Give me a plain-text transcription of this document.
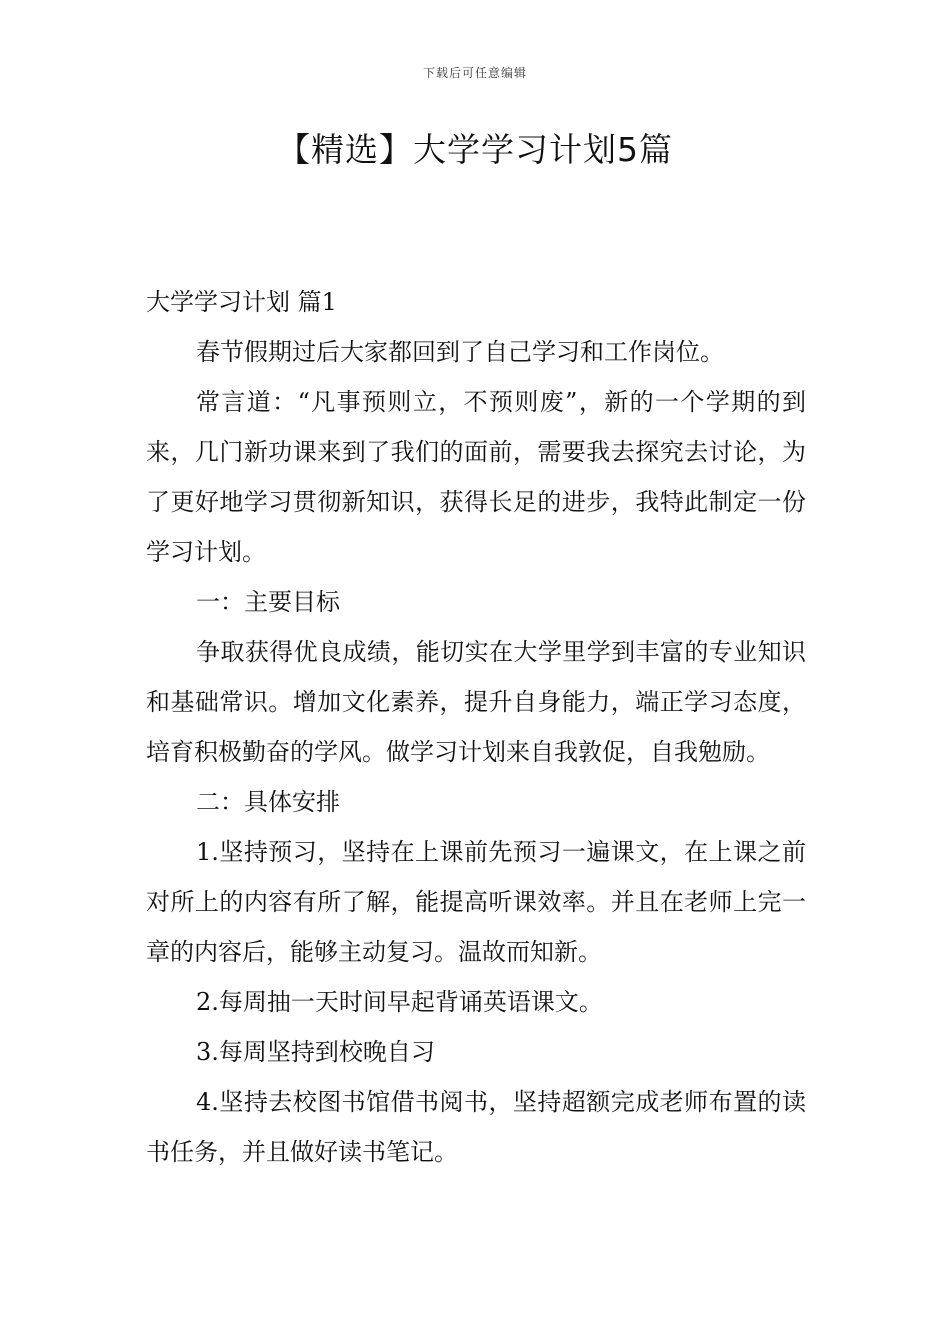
下载后可任意编辑
【精选】大学学习计划5篇

大学学习计划 篇1

春节假期过后大家都回到了自己学习和工作岗位。

常言道：“凡事预则立，不预则废”，新的一个学期的到来，几门新功课来到了我们的面前，需要我去探究去讨论，为了更好地学习贯彻新知识，获得长足的进步，我特此制定一份学习计划。

一：主要目标

争取获得优良成绩，能切实在大学里学到丰富的专业知识和基础常识。增加文化素养，提升自身能力，端正学习态度，培育积极勤奋的学风。做学习计划来自我敦促，自我勉励。

二：具体安排

1.坚持预习，坚持在上课前先预习一遍课文，在上课之前对所上的内容有所了解，能提高听课效率。并且在老师上完一章的内容后，能够主动复习。温故而知新。

2.每周抽一天时间早起背诵英语课文。

3.每周坚持到校晚自习

4.坚持去校图书馆借书阅书，坚持超额完成老师布置的读书任务，并且做好读书笔记。
